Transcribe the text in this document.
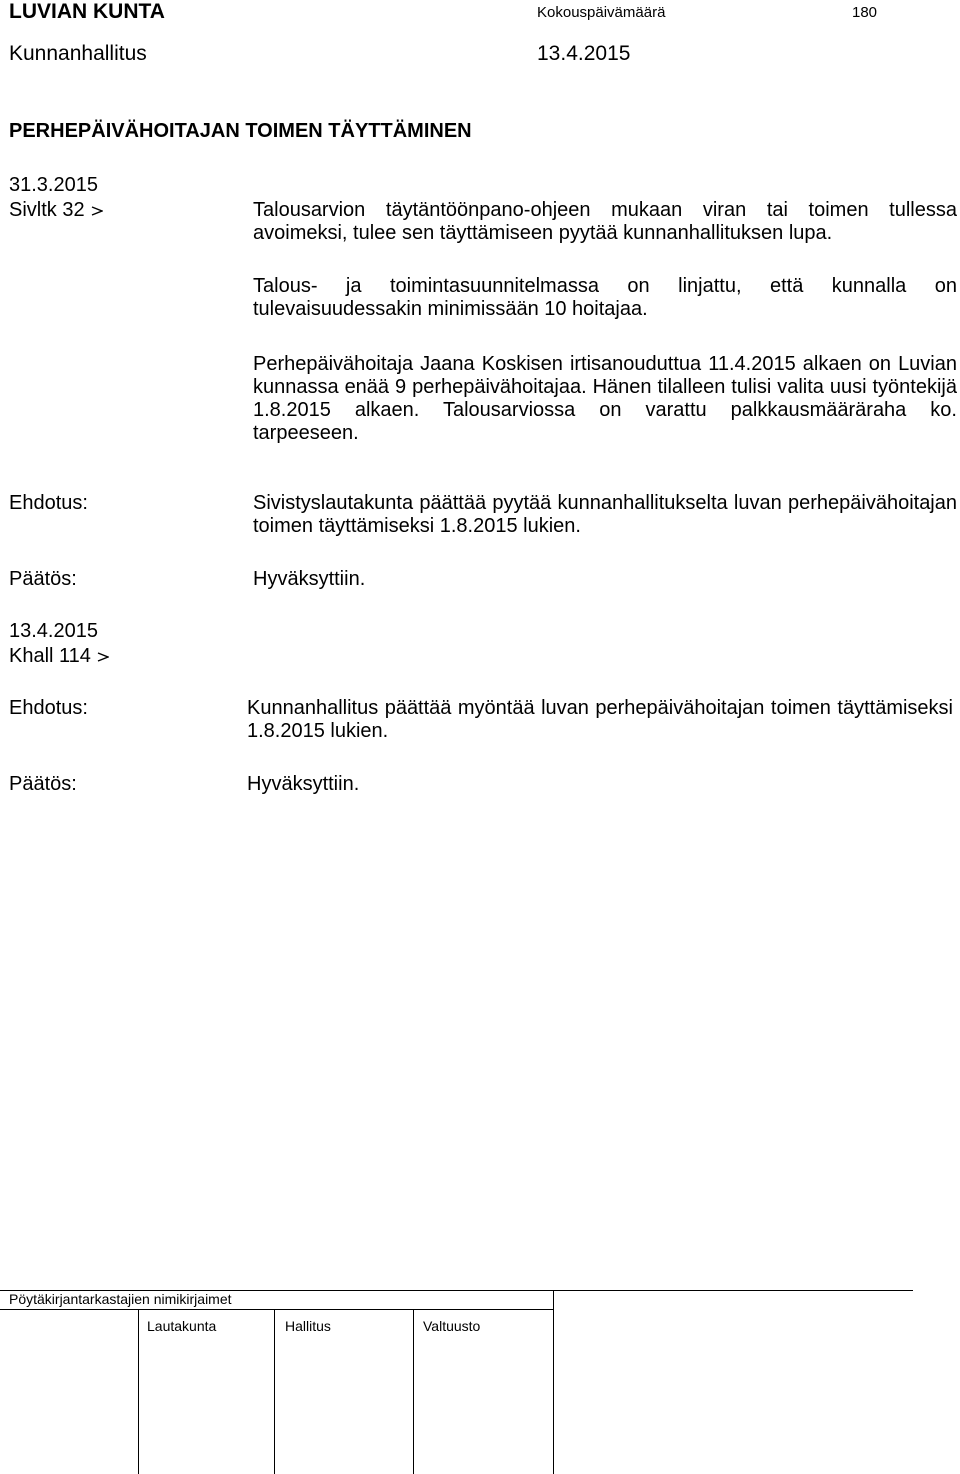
LUVIAN KUNTA	Kokouspäivämäärä	180
Kunnanhallitus	13.4.2015
PERHEPÄIVÄHOITAJAN TOIMEN TÄYTTÄMINEN
31.3.2015
Sivltk 32	Talousarvion täytäntöönpano-ohjeen mukaan viran tai toimen tullessa avoimeksi, tulee sen täyttämiseen pyytää kunnanhallituksen lupa.
Talous- ja toimintasuunnitelmassa on linjattu, että kunnalla on tulevaisuudessakin minimissään 10 hoitajaa.
Perhepäivähoitaja Jaana Koskisen irtisanouduttua 11.4.2015 alkaen on Luvian kunnassa enää 9 perhepäivähoitajaa. Hänen tilalleen tulisi valita uusi työntekijä 1.8.2015 alkaen. Talousarviossa on varattu palkkausmääräraha ko. tarpeeseen.
Ehdotus:	Sivistyslautakunta päättää pyytää kunnanhallitukselta luvan perhepäivähoitajan toimen täyttämiseksi 1.8.2015 lukien.
Päätös:	Hyväksyttiin.
13.4.2015
Khall 114
Ehdotus:	Kunnanhallitus päättää myöntää luvan perhepäivähoitajan toimen täyttämiseksi 1.8.2015 lukien.
Päätös:	Hyväksyttiin.
Pöytäkirjantarkastajien nimikirjaimet
Lautakunta	Hallitus	Valtuusto
